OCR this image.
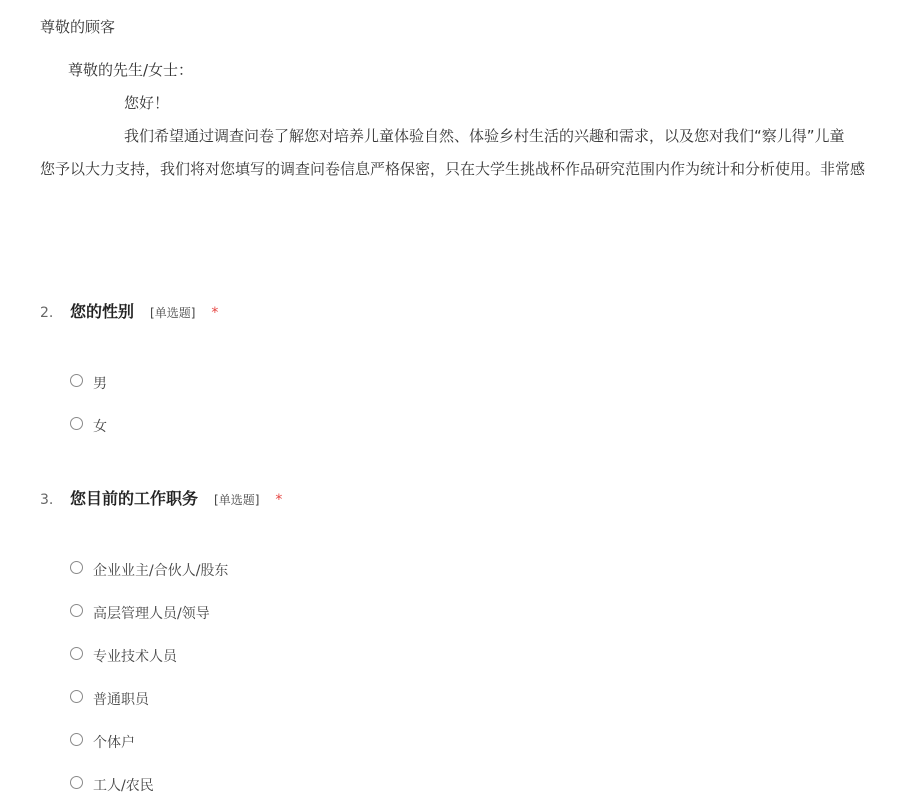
尊敬的顾客
尊敬的先生/女士：
您好！
我们希望通过调查问卷了解您对培养儿童体验自然、体验乡村生活的兴趣和需求，以及您对我们“察儿得”儿童
您予以大力支持，我们将对您填写的调查问卷信息严格保密，只在大学生挑战杯作品研究范围内作为统计和分析使用。非常感
2.	您的性别 [单选题] *
男
女
3.	您目前的工作职务 [单选题] *
企业业主/合伙人/股东
高层管理人员/领导
专业技术人员
普通职员
个体户
工人/农民
